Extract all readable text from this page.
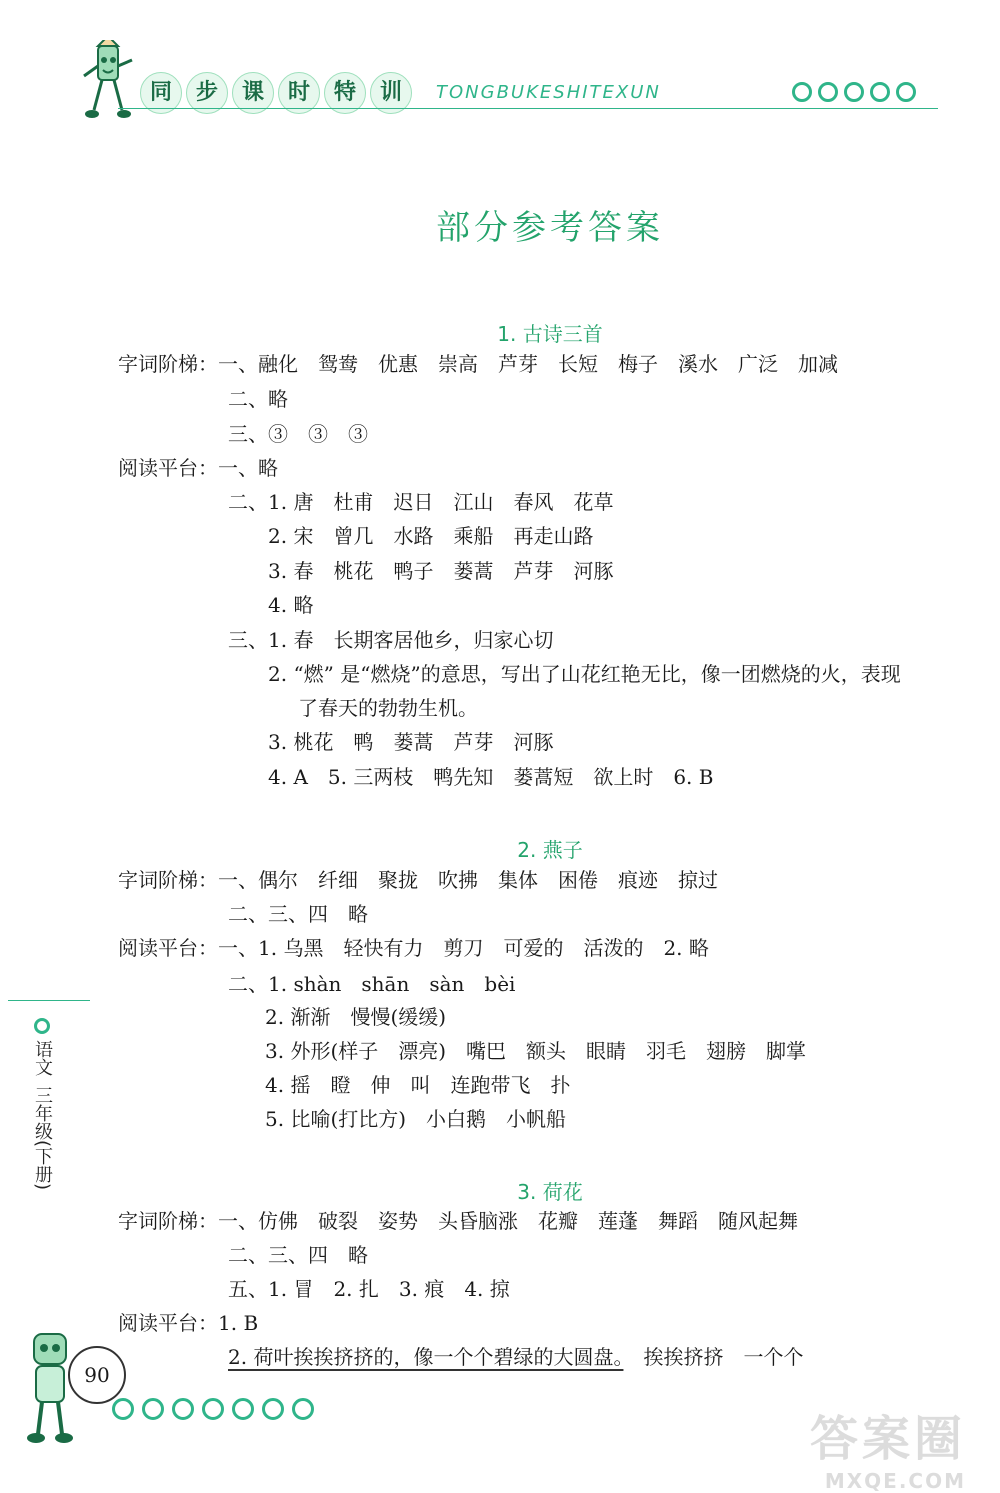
同	步	课	时	特	训	TONGBUKESHITEXUN
部分参考答案
1. 古诗三首
字词阶梯：一、融化　鸳鸯　优惠　崇高　芦芽　长短　梅子　溪水　广泛　加减
二、略
三、③　③　③
阅读平台：一、略
二、1. 唐　杜甫　迟日　江山　春风　花草
2. 宋　曾几　水路　乘船　再走山路
3. 春　桃花　鸭子　蒌蒿　芦芽　河豚
4. 略
三、1. 春　长期客居他乡，归家心切
2. “燃” 是“燃烧”的意思，写出了山花红艳无比，像一团燃烧的火，表现
了春天的勃勃生机。
3. 桃花　鸭　蒌蒿　芦芽　河豚
4. A　5. 三两枝　鸭先知　蒌蒿短　欲上时　6. B
2. 燕子
字词阶梯：一、偶尔　纤细　聚拢　吹拂　集体　困倦　痕迹　掠过
二、三、四　略
阅读平台：一、1. 乌黑　轻快有力　剪刀　可爱的　活泼的　2. 略
二、1. shàn　shān　sàn　bèi
2. 渐渐　慢慢(缓缓)
3. 外形(样子　漂亮)　嘴巴　额头　眼睛　羽毛　翅膀　脚掌
4. 摇　瞪　伸　叫　连跑带飞　扑
5. 比喻(打比方)　小白鹅　小帆船
3. 荷花
字词阶梯：一、仿佛　破裂　姿势　头昏脑涨　花瓣　莲蓬　舞蹈　随风起舞
二、三、四　略
五、1. 冒　2. 扎　3. 痕　4. 掠
阅读平台：1. B
2. 荷叶挨挨挤挤的，像一个个碧绿的大圆盘。　 挨挨挤挤　一个个
语文
三年级(下册)
90
答案圈
MXQE.COM
